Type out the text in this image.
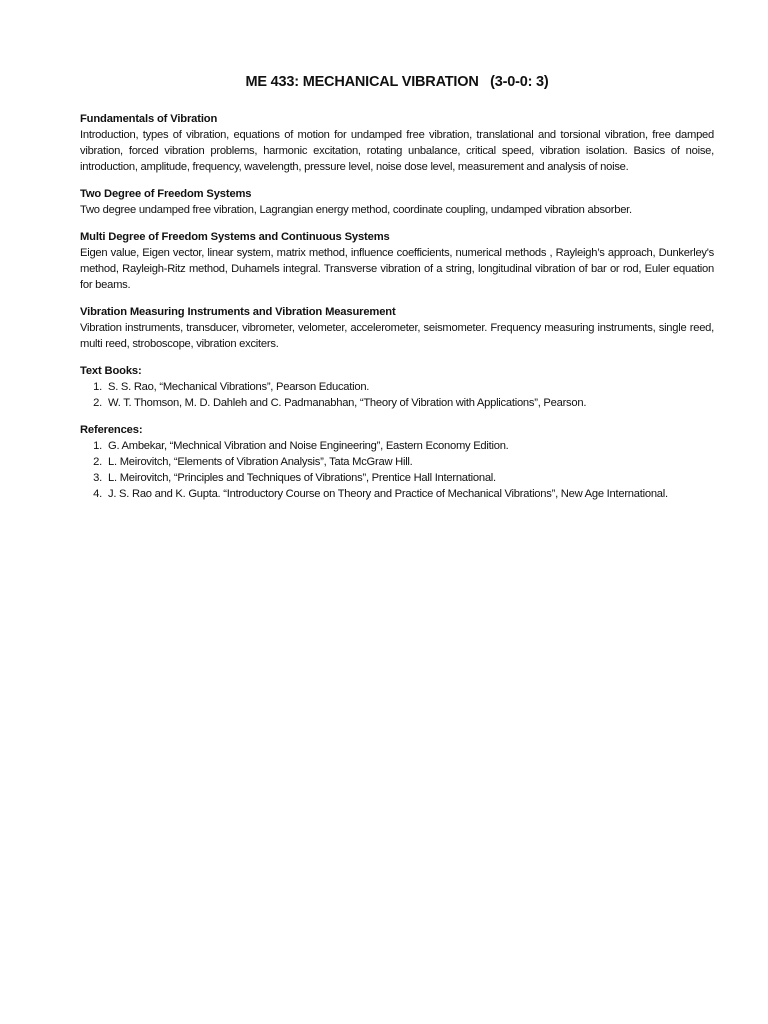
ME 433: MECHANICAL VIBRATION   (3-0-0: 3)

Fundamentals of Vibration

Introduction, types of vibration, equations of motion for undamped free vibration, translational and torsional vibration, free damped vibration, forced vibration problems, harmonic excitation, rotating unbalance, critical speed, vibration isolation. Basics of noise, introduction, amplitude, frequency, wavelength, pressure level, noise dose level, measurement and analysis of noise.

Two Degree of Freedom Systems

Two degree undamped free vibration, Lagrangian energy method, coordinate coupling, undamped vibration absorber.

Multi Degree of Freedom Systems and Continuous Systems

Eigen value, Eigen vector, linear system, matrix method, influence coefficients, numerical methods , Rayleigh’s approach, Dunkerley's method, Rayleigh-Ritz method, Duhamels integral. Transverse vibration of a string, longitudinal vibration of bar or rod, Euler equation for beams.

Vibration Measuring Instruments and Vibration Measurement

Vibration instruments, transducer, vibrometer, velometer, accelerometer, seismometer. Frequency measuring instruments, single reed, multi reed, stroboscope, vibration exciters.

Text Books:

1. S. S. Rao, “Mechanical Vibrations”, Pearson Education.
2. W. T. Thomson, M. D. Dahleh and C. Padmanabhan, “Theory of Vibration with Applications”, Pearson.

References:

1. G. Ambekar, “Mechnical Vibration and Noise Engineering”, Eastern Economy Edition.
2. L. Meirovitch, “Elements of Vibration Analysis”, Tata McGraw Hill.
3. L. Meirovitch, “Principles and Techniques of Vibrations”, Prentice Hall International.
4. J. S. Rao and K. Gupta. “Introductory Course on Theory and Practice of Mechanical Vibrations”, New Age International.
